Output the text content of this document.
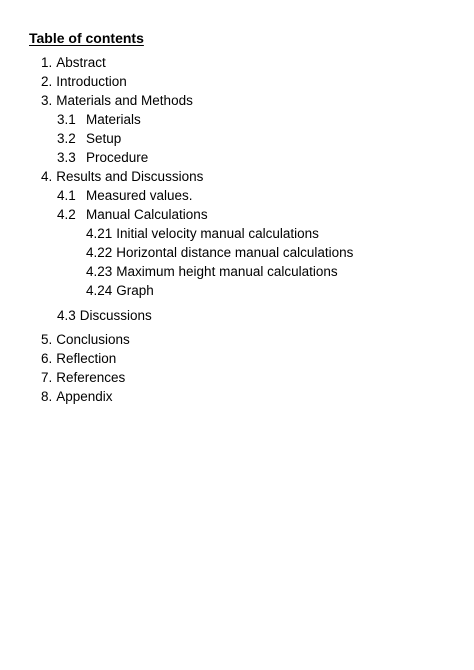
Table of contents
1. Abstract
2. Introduction
3. Materials and Methods
3.1 Materials
3.2 Setup
3.3 Procedure
4. Results and Discussions
4.1 Measured values.
4.2 Manual Calculations
4.21 Initial velocity manual calculations
4.22 Horizontal distance manual calculations
4.23 Maximum height manual calculations
4.24 Graph
4.3 Discussions
5. Conclusions
6. Reflection
7. References
8. Appendix
